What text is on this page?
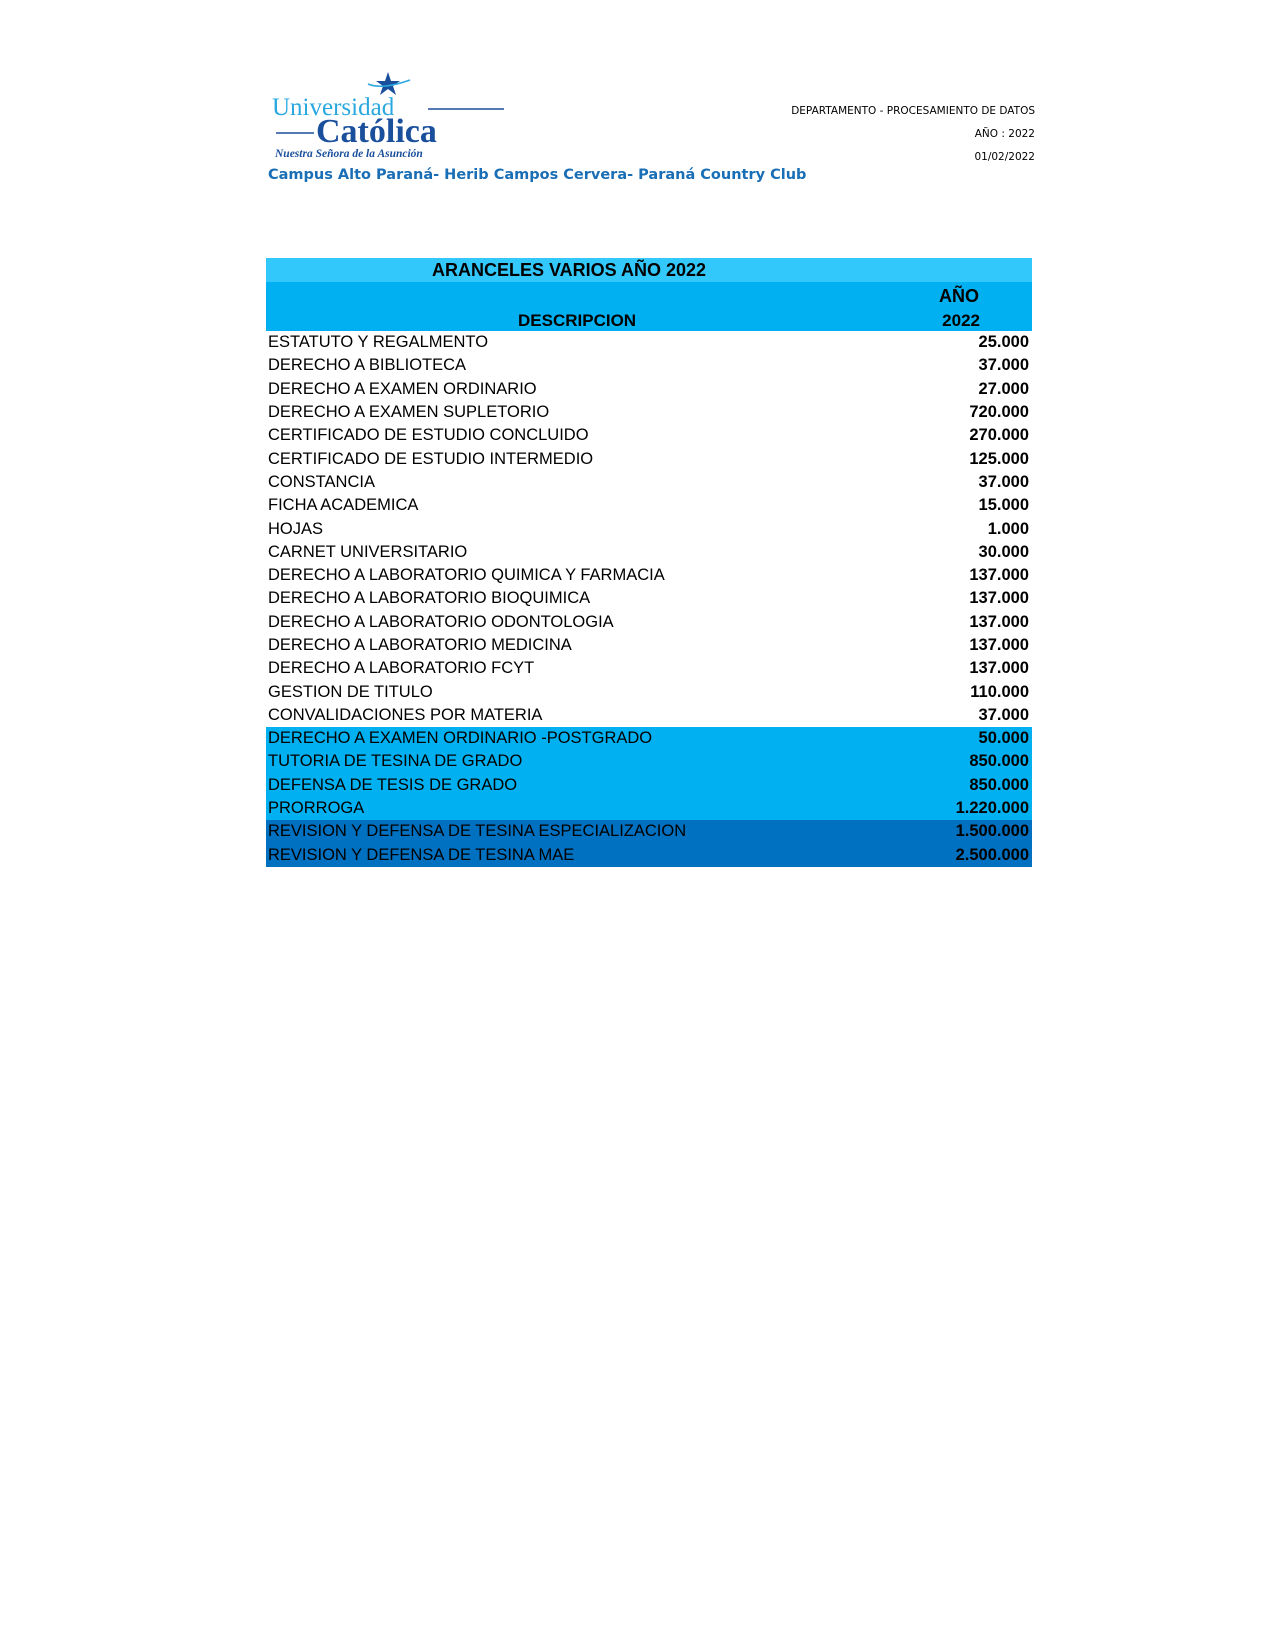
Universidad
Católica
Nuestra Señora de la Asunción
Campus Alto Paraná- Herib Campos Cervera- Paraná Country Club
DEPARTAMENTO - PROCESAMIENTO DE DATOS
AÑO : 2022
01/02/2022
ARANCELES VARIOS AÑO 2022
DESCRIPCION
AÑO
2022
ESTATUTO Y REGALMENTO	25.000
DERECHO A BIBLIOTECA	37.000
DERECHO A EXAMEN ORDINARIO	27.000
DERECHO A EXAMEN SUPLETORIO	720.000
CERTIFICADO DE ESTUDIO CONCLUIDO	270.000
CERTIFICADO DE ESTUDIO INTERMEDIO	125.000
CONSTANCIA	37.000
FICHA ACADEMICA	15.000
HOJAS	1.000
CARNET UNIVERSITARIO	30.000
DERECHO A LABORATORIO QUIMICA Y FARMACIA	137.000
DERECHO A LABORATORIO BIOQUIMICA	137.000
DERECHO A LABORATORIO ODONTOLOGIA	137.000
DERECHO A LABORATORIO MEDICINA	137.000
DERECHO A LABORATORIO FCYT	137.000
GESTION DE TITULO	110.000
CONVALIDACIONES POR MATERIA	37.000
DERECHO A EXAMEN ORDINARIO -POSTGRADO	50.000
TUTORIA DE TESINA DE GRADO	850.000
DEFENSA DE TESIS DE GRADO	850.000
PRORROGA	1.220.000
REVISION Y DEFENSA DE TESINA ESPECIALIZACION	1.500.000
REVISION Y DEFENSA DE TESINA MAE	2.500.000
